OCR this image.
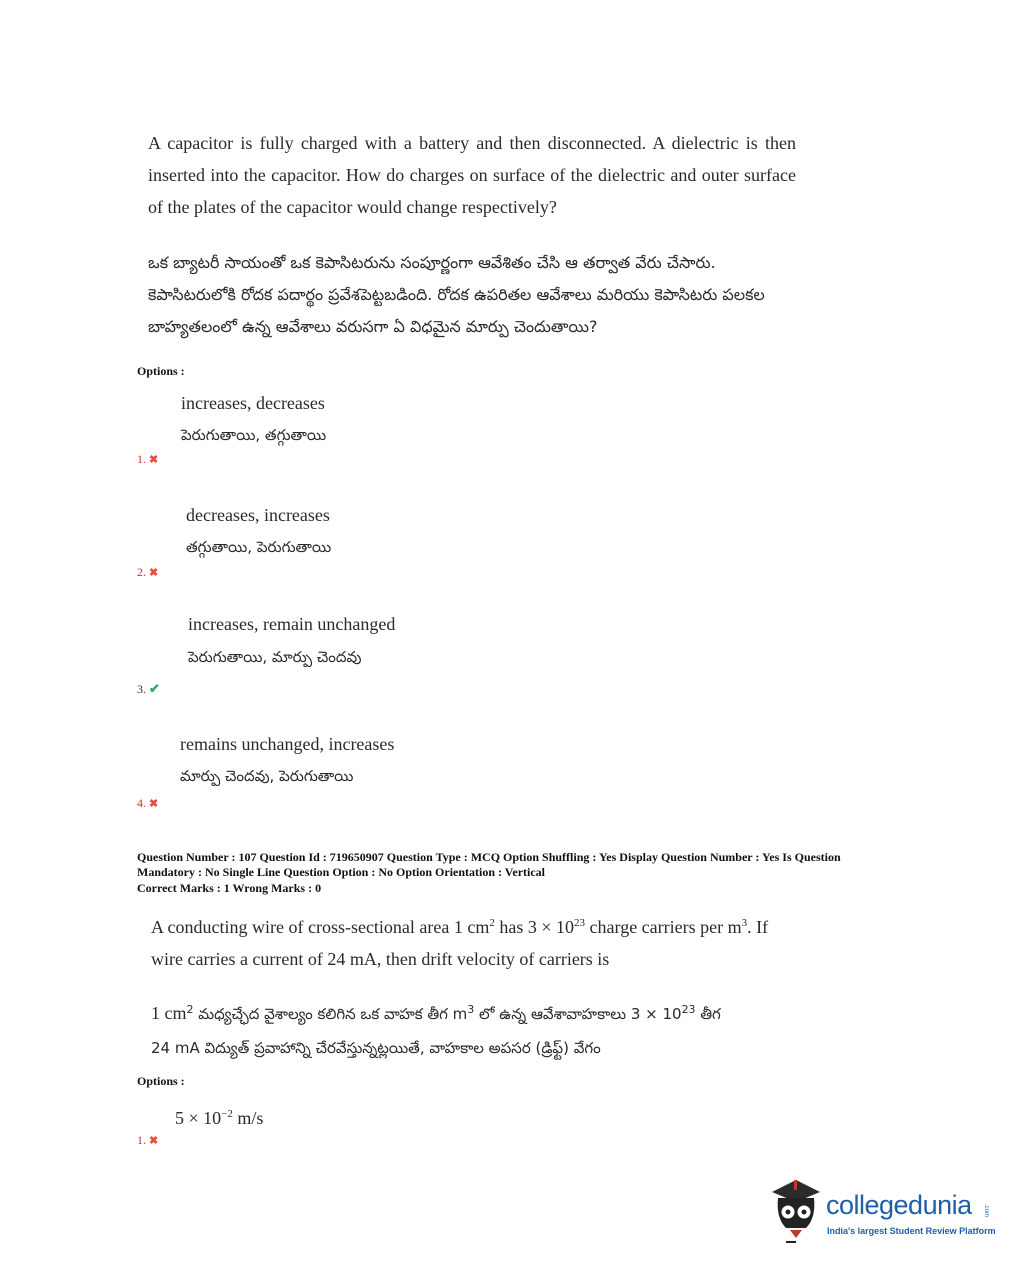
A capacitor is fully charged with a battery and then disconnected. A dielectric is then inserted into the capacitor. How do charges on surface of the dielectric and outer surface of the plates of the capacitor would change respectively?
ఒక బ్యాటరీ సాయంతో ఒక కెపాసిటరును సంపూర్ణంగా ఆవేశితం చేసి ఆ తర్వాత వేరు చేసారు.
కెపాసిటరులోకి రోదక పదార్థం ప్రవేశపెట్టబడింది. రోదక ఉపరితల ఆవేశాలు మరియు కెపాసిటరు పలకల
బాహ్యతలంలో ఉన్న ఆవేశాలు వరుసగా ఏ విధమైన మార్పు చెందుతాయి?
Options :
increases, decreases
పెరుగుతాయి, తగ్గుతాయి
1. ✖
decreases, increases
తగ్గుతాయి, పెరుగుతాయి
2. ✖
increases, remain unchanged
పెరుగుతాయి, మార్పు చెందవు
3. ✔
remains unchanged, increases
మార్పు చెందవు, పెరుగుతాయి
4. ✖
Question Number : 107 Question Id : 719650907 Question Type : MCQ Option Shuffling : Yes Display Question Number : Yes Is Question
Mandatory : No Single Line Question Option : No Option Orientation : Vertical
Correct Marks : 1 Wrong Marks : 0
A conducting wire of cross-sectional area 1 $cm^2$ has $3 \times 10^{23}$ charge carriers per $m^3$. If
wire carries a current of 24 mA, then drift velocity of carriers is
1 $cm^2$ మధ్యచ్ఛేద వైశాల్యం కలిగిన ఒక వాహక తీగ $m^3$ లో ఉన్న ఆవేశావాహకాలు $3 \times 10^{23}$ తీగ
24 mA విద్యుత్ ప్రవాహాన్ని చేరవేస్తున్నట్లయితే, వాహకాల అపసర (డ్రిఫ్ట్) వేగం
Options :
$5 \times 10^{-2}$ m/s
1. ✖
collegedunia .com
India's largest Student Review Platform
